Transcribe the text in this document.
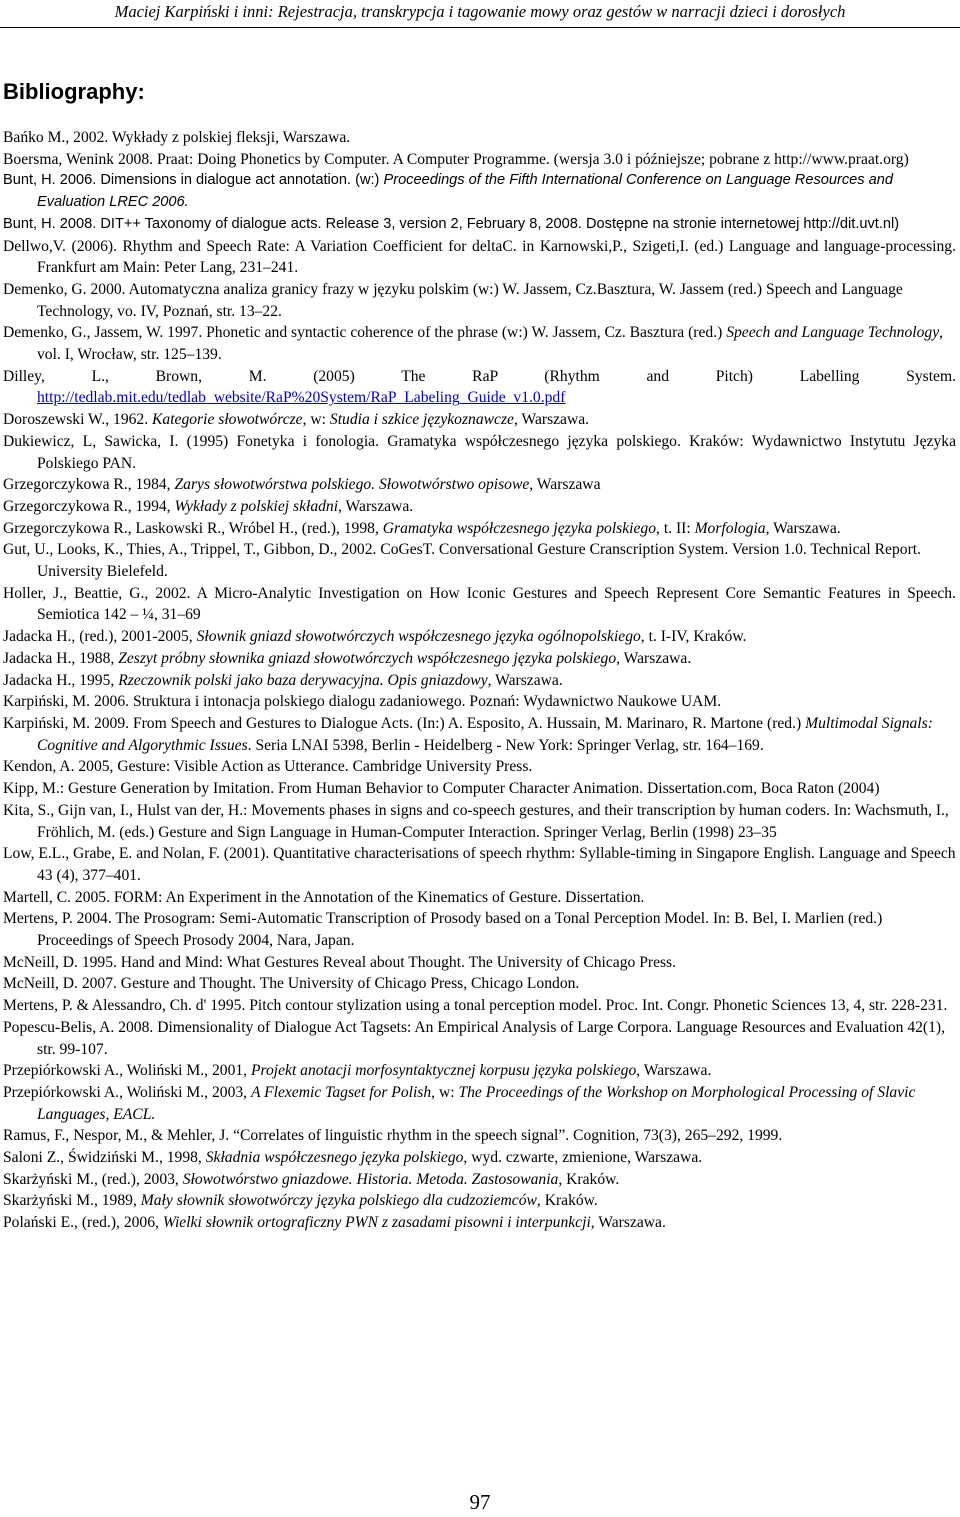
Maciej Karpiński i inni: Rejestracja, transkrypcja i tagowanie mowy oraz gestów w narracji dzieci i dorosłych
Bibliography:
Bańko M., 2002. Wykłady z polskiej fleksji, Warszawa.
Boersma, Wenink 2008. Praat: Doing Phonetics by Computer. A Computer Programme. (wersja 3.0 i późniejsze; pobrane z http://www.praat.org)
Bunt, H. 2006. Dimensions in dialogue act annotation. (w:) Proceedings of the Fifth International Conference on Language Resources and Evaluation LREC 2006.
Bunt, H. 2008. DIT++ Taxonomy of dialogue acts. Release 3, version 2, February 8, 2008. Dostępne na stronie internetowej http://dit.uvt.nl)
Dellwo,V. (2006). Rhythm and Speech Rate: A Variation Coefficient for deltaC. in Karnowski,P., Szigeti,I. (ed.) Language and language-processing. Frankfurt am Main: Peter Lang, 231–241.
Demenko, G. 2000. Automatyczna analiza granicy frazy w języku polskim (w:) W. Jassem, Cz.Basztura, W. Jassem (red.) Speech and Language Technology, vo. IV, Poznań, str. 13–22.
Demenko, G., Jassem, W. 1997. Phonetic and syntactic coherence of the phrase (w:) W. Jassem, Cz. Basztura (red.) Speech and Language Technology, vol. I, Wrocław, str. 125–139.
Dilley, L., Brown, M. (2005) The RaP (Rhythm and Pitch) Labelling System. http://tedlab.mit.edu/tedlab_website/RaP%20System/RaP_Labeling_Guide_v1.0.pdf
Doroszewski W., 1962. Kategorie słowotwórcze, w: Studia i szkice językoznawcze, Warszawa.
Dukiewicz, L, Sawicka, I. (1995) Fonetyka i fonologia. Gramatyka współczesnego języka polskiego. Kraków: Wydawnictwo Instytutu Języka Polskiego PAN.
Grzegorczykowa R., 1984, Zarys słowotwórstwa polskiego. Słowotwórstwo opisowe, Warszawa
Grzegorczykowa R., 1994, Wykłady z polskiej składni, Warszawa.
Grzegorczykowa R., Laskowski R., Wróbel H., (red.), 1998, Gramatyka współczesnego języka polskiego, t. II: Morfologia, Warszawa.
Gut, U., Looks, K., Thies, A., Trippel, T., Gibbon, D., 2002. CoGesT. Conversational Gesture Cranscription System. Version 1.0. Technical Report. University Bielefeld.
Holler, J., Beattie, G., 2002. A Micro-Analytic Investigation on How Iconic Gestures and Speech Represent Core Semantic Features in Speech. Semiotica 142 – ¼, 31–69
Jadacka H., (red.), 2001-2005, Słownik gniazd słowotwórczych współczesnego języka ogólnopolskiego, t. I-IV, Kraków.
Jadacka H., 1988, Zeszyt próbny słownika gniazd słowotwórczych współczesnego języka polskiego, Warszawa.
Jadacka H., 1995, Rzeczownik polski jako baza derywacyjna. Opis gniazdowy, Warszawa.
Karpiński, M. 2006. Struktura i intonacja polskiego dialogu zadaniowego. Poznań: Wydawnictwo Naukowe UAM.
Karpiński, M. 2009. From Speech and Gestures to Dialogue Acts. (In:) A. Esposito, A. Hussain, M. Marinaro, R. Martone (red.) Multimodal Signals: Cognitive and Algorythmic Issues. Seria LNAI 5398, Berlin - Heidelberg - New York: Springer Verlag, str. 164–169.
Kendon, A. 2005, Gesture: Visible Action as Utterance. Cambridge University Press.
Kipp, M.: Gesture Generation by Imitation. From Human Behavior to Computer Character Animation. Dissertation.com, Boca Raton (2004)
Kita, S., Gijn van, I., Hulst van der, H.: Movements phases in signs and co-speech gestures, and their transcription by human coders. In: Wachsmuth, I., Fröhlich, M. (eds.) Gesture and Sign Language in Human-Computer Interaction. Springer Verlag, Berlin (1998) 23–35
Low, E.L., Grabe, E. and Nolan, F. (2001). Quantitative characterisations of speech rhythm: Syllable-timing in Singapore English. Language and Speech 43 (4), 377–401.
Martell, C. 2005. FORM: An Experiment in the Annotation of the Kinematics of Gesture. Dissertation.
Mertens, P. 2004. The Prosogram: Semi-Automatic Transcription of Prosody based on a Tonal Perception Model. In: B. Bel, I. Marlien (red.) Proceedings of Speech Prosody 2004, Nara, Japan.
McNeill, D. 1995. Hand and Mind: What Gestures Reveal about Thought. The University of Chicago Press.
McNeill, D. 2007. Gesture and Thought. The University of Chicago Press, Chicago London.
Mertens, P. & Alessandro, Ch. d' 1995. Pitch contour stylization using a tonal perception model. Proc. Int. Congr. Phonetic Sciences 13, 4, str. 228-231.
Popescu-Belis, A. 2008. Dimensionality of Dialogue Act Tagsets: An Empirical Analysis of Large Corpora. Language Resources and Evaluation 42(1), str. 99-107.
Przepiórkowski A., Woliński M., 2001, Projekt anotacji morfosyntaktycznej korpusu języka polskiego, Warszawa.
Przepiórkowski A., Woliński M., 2003, A Flexemic Tagset for Polish, w: The Proceedings of the Workshop on Morphological Processing of Slavic Languages, EACL.
Ramus, F., Nespor, M., & Mehler, J. “Correlates of linguistic rhythm in the speech signal”. Cognition, 73(3), 265–292, 1999.
Saloni Z., Świdziński M., 1998, Składnia współczesnego języka polskiego, wyd. czwarte, zmienione, Warszawa.
Skarżyński M., (red.), 2003, Słowotwórstwo gniazdowe. Historia. Metoda. Zastosowania, Kraków.
Skarżyński M., 1989, Mały słownik słowotwórczy języka polskiego dla cudzoziemców, Kraków.
Polański E., (red.), 2006, Wielki słownik ortograficzny PWN z zasadami pisowni i interpunkcji, Warszawa.
97
